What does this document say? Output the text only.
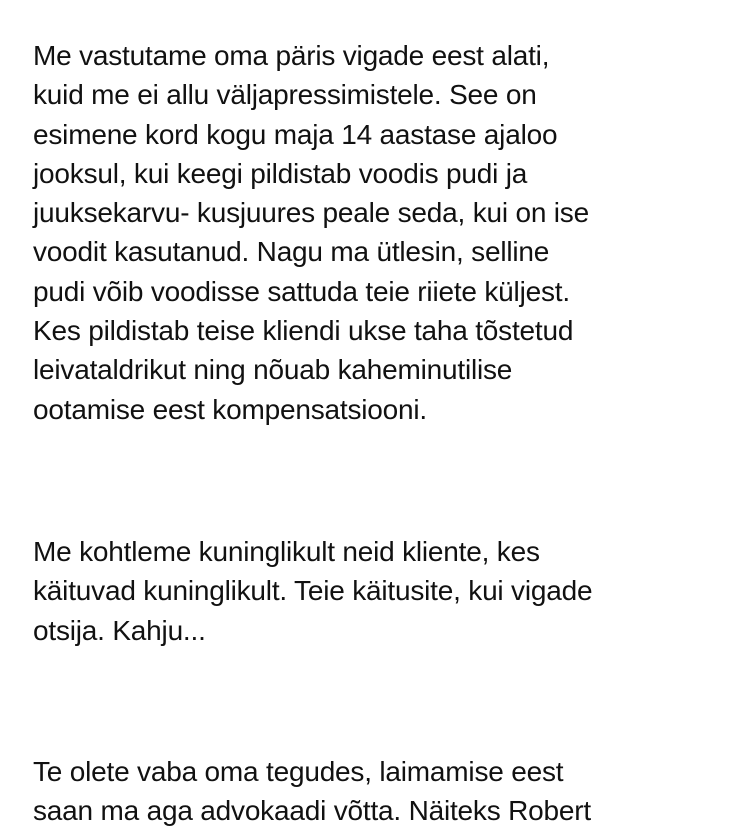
Me vastutame oma päris vigade eest alati,
kuid me ei allu väljapressimistele. See on
esimene kord kogu maja 14 aastase ajaloo
jooksul, kui keegi pildistab voodis pudi ja
juuksekarvu- kusjuures peale seda, kui on ise
voodit kasutanud. Nagu ma ütlesin, selline
pudi võib voodisse sattuda teie riiete küljest.
Kes pildistab teise kliendi ukse taha tõstetud
leivataldrikut ning nõuab kaheminutilise
ootamise eest kompensatsiooni.

Me kohtleme kuninglikult neid kliente, kes
käituvad kuninglikult. Teie käitusite, kui vigade
otsija. Kahju...

Te olete vaba oma tegudes, laimamise eest
saan ma aga advokaadi võtta. Näiteks Robert
